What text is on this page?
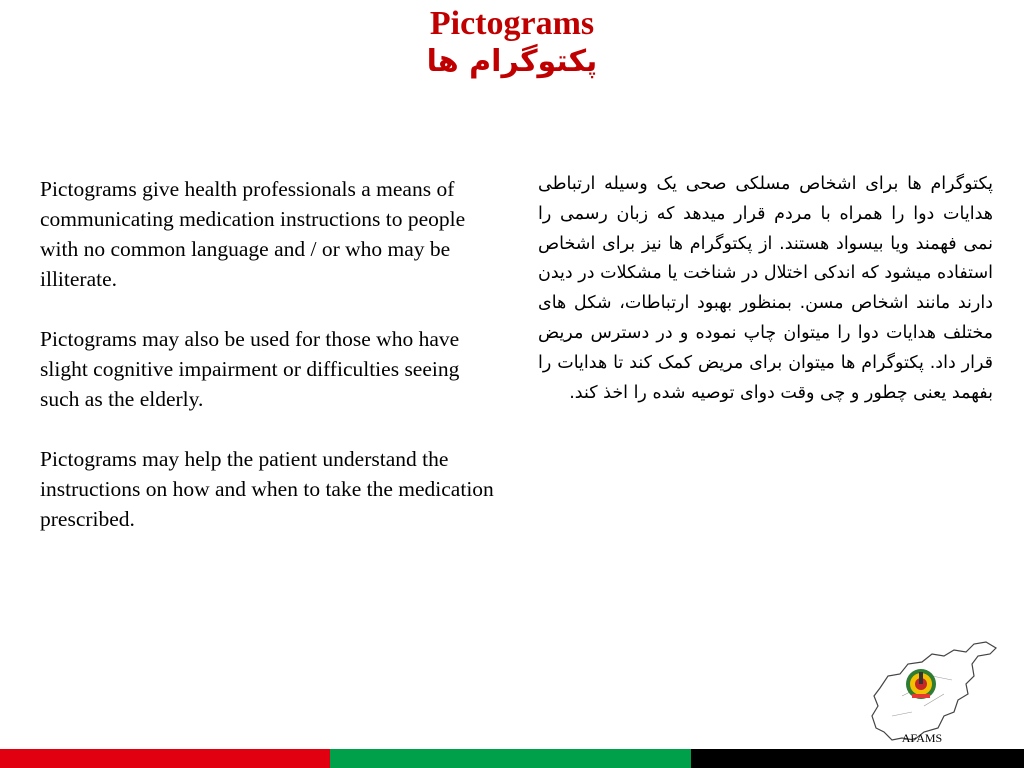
Pictograms
پکتوگرام ها

Pictograms give health professionals a means of communicating medication instructions to people with no common language and / or who may be illiterate.

Pictograms may also be used for those who have slight cognitive impairment or difficulties seeing such as the elderly.

Pictograms may help the patient understand the instructions on how and when to take the medication prescribed.

پکتوگرام ها برای اشخاص مسلکی صحی یک وسیله ارتباطی هدایات دوا را همراه با مردم قرار میدهد که زبان رسمی را نمی فهمند ویا بیسواد هستند. از پکتوگرام ها نیز برای اشخاص استفاده میشود که اندکی اختلال در شناخت یا مشکلات در دیدن دارند مانند اشخاص مسن. بمنظور بهبود ارتباطات، شکل های مختلف هدایات دوا را میتوان چاپ نموده و در دسترس مریض قرار داد. پکتوگرام ها میتوان برای مریض کمک کند تا هدایات را بفهمد یعنی چطور و چی وقت دوای توصیه شده را اخذ کند.

AFAMS
